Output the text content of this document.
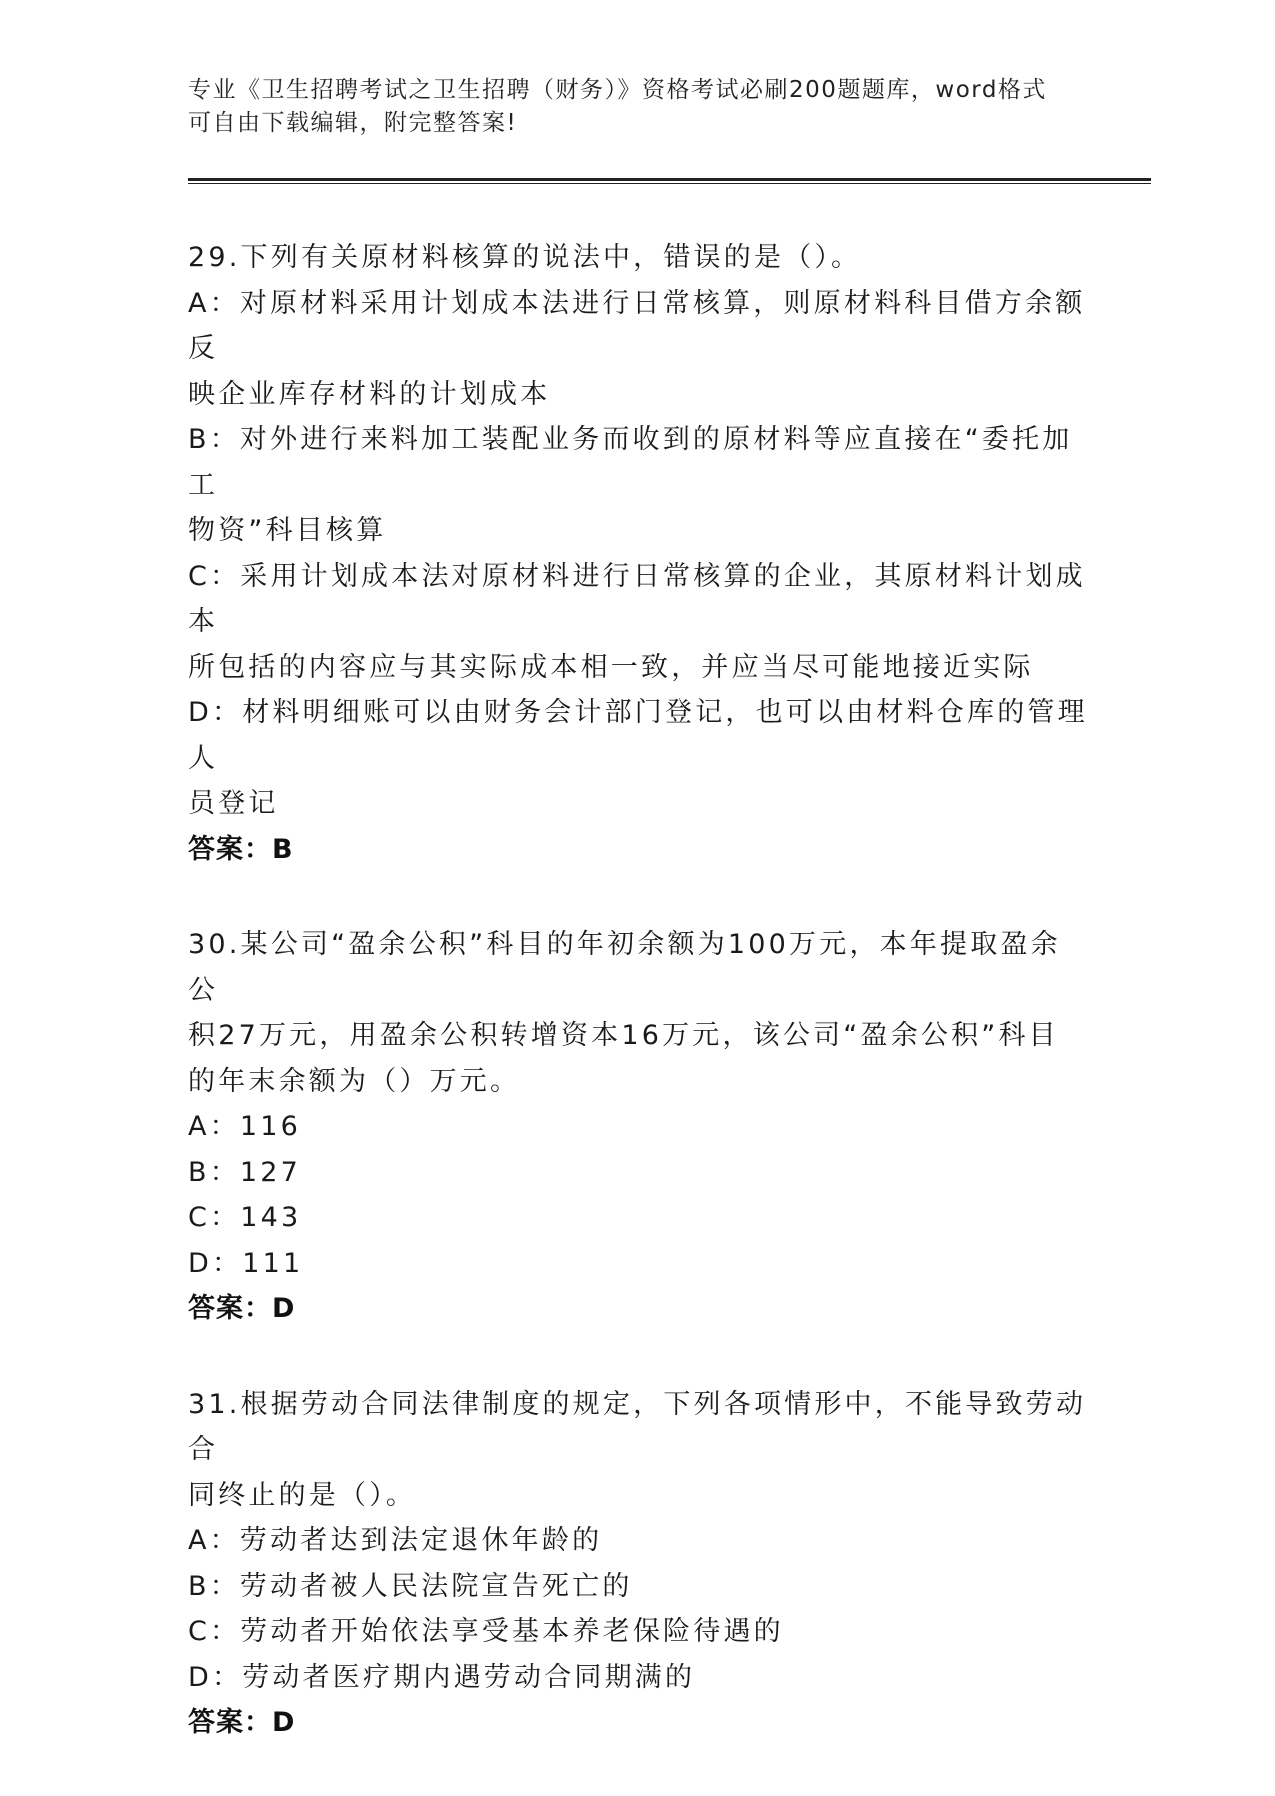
专业《卫生招聘考试之卫生招聘（财务）》资格考试必刷200题题库，word格式
可自由下载编辑，附完整答案!
29.下列有关原材料核算的说法中，错误的是（）。
A：对原材料采用计划成本法进行日常核算，则原材料科目借方余额反
映企业库存材料的计划成本
B：对外进行来料加工装配业务而收到的原材料等应直接在“委托加工
物资”科目核算
C：采用计划成本法对原材料进行日常核算的企业，其原材料计划成本
所包括的内容应与其实际成本相一致，并应当尽可能地接近实际
D：材料明细账可以由财务会计部门登记，也可以由材料仓库的管理人
员登记
答案：B
30.某公司“盈余公积”科目的年初余额为100万元，本年提取盈余公
积27万元，用盈余公积转增资本16万元，该公司“盈余公积”科目
的年末余额为（）万元。
A：116
B：127
C：143
D：111
答案：D
31.根据劳动合同法律制度的规定，下列各项情形中，不能导致劳动合
同终止的是（）。
A：劳动者达到法定退休年龄的
B：劳动者被人民法院宣告死亡的
C：劳动者开始依法享受基本养老保险待遇的
D：劳动者医疗期内遇劳动合同期满的
答案：D
